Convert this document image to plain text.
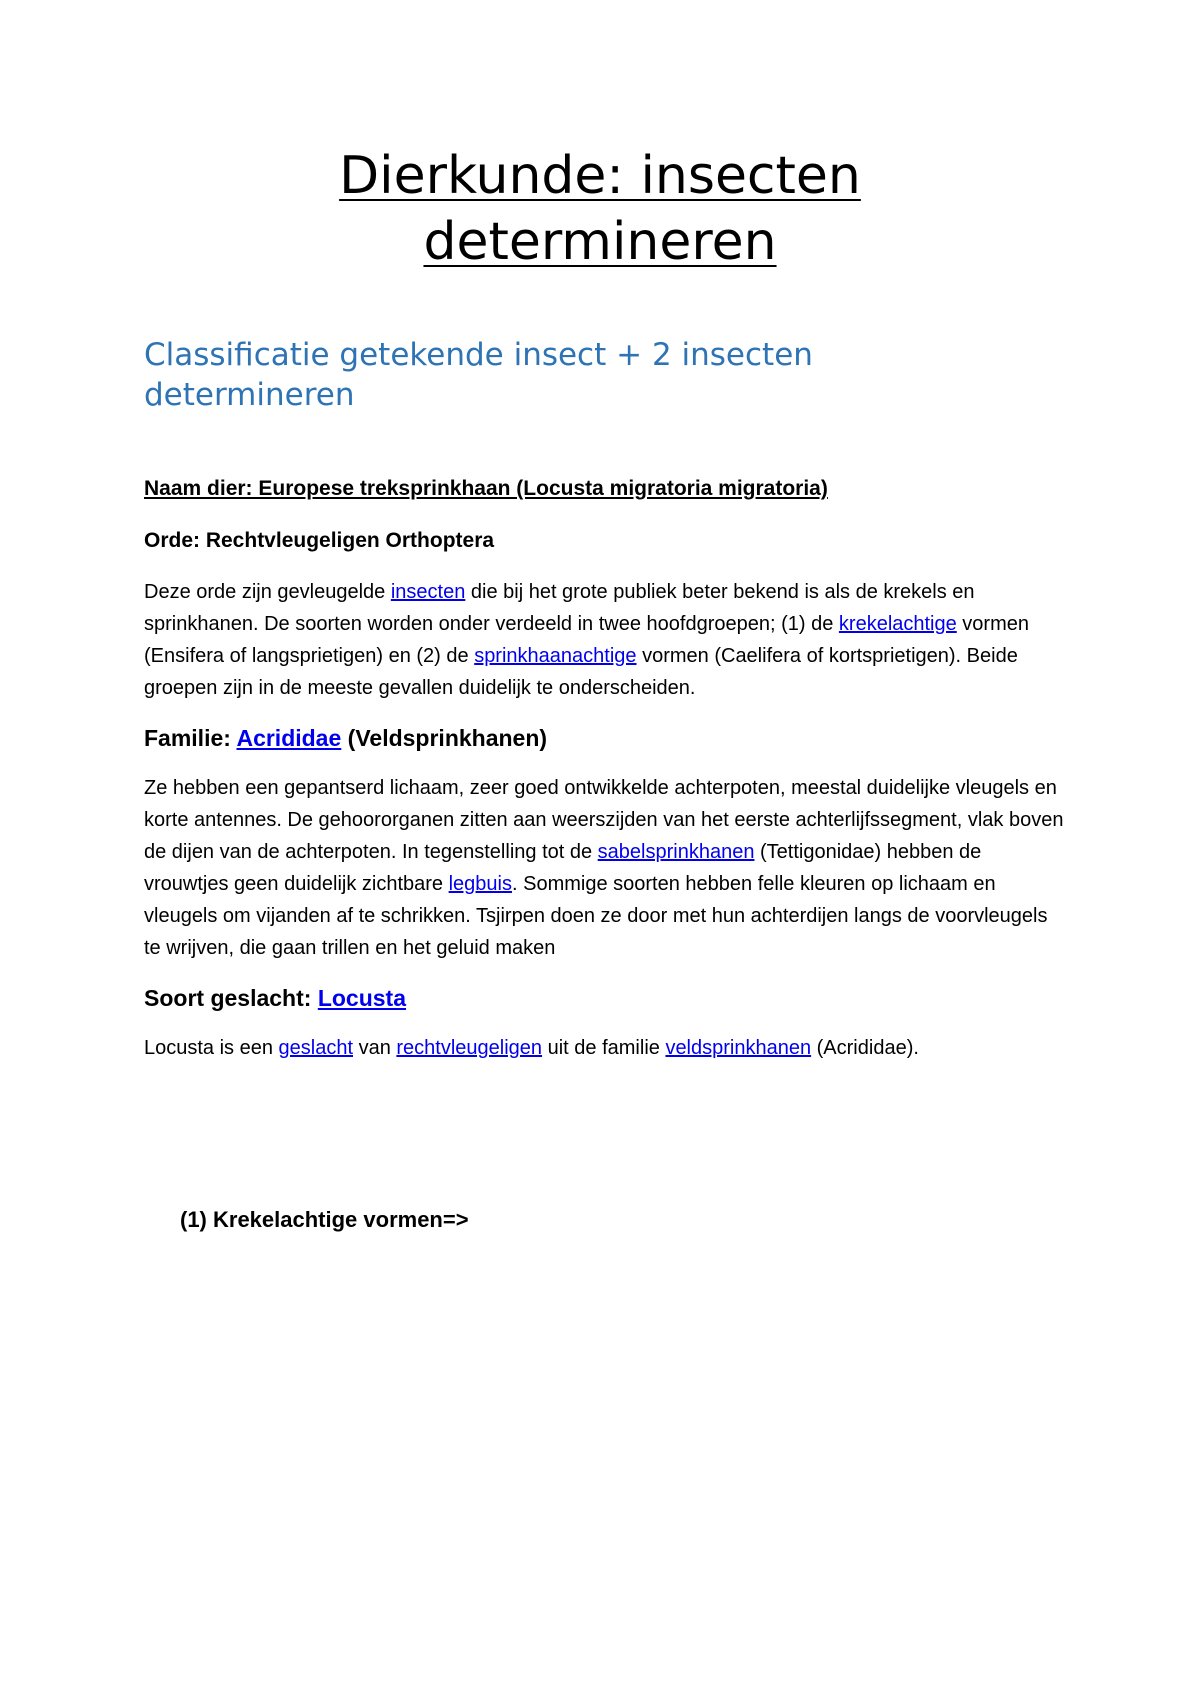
Dierkunde: insecten
determineren
Classificatie getekende insect + 2 insecten
determineren

Naam dier: Europese treksprinkhaan (Locusta migratoria migratoria)

Orde: Rechtvleugeligen Orthoptera

Deze orde zijn gevleugelde insecten die bij het grote publiek beter bekend is als de krekels en sprinkhanen. De soorten worden onder verdeeld in twee hoofdgroepen; (1) de krekelachtige vormen (Ensifera of langsprietigen) en (2) de sprinkhaanachtige vormen (Caelifera of kortsprietigen). Beide groepen zijn in de meeste gevallen duidelijk te onderscheiden.

Familie: Acrididae (Veldsprinkhanen)

Ze hebben een gepantserd lichaam, zeer goed ontwikkelde achterpoten, meestal duidelijke vleugels en korte antennes. De gehoororganen zitten aan weerszijden van het eerste achterlijfssegment, vlak boven de dijen van de achterpoten. In tegenstelling tot de sabelsprinkhanen (Tettigonidae) hebben de vrouwtjes geen duidelijk zichtbare legbuis. Sommige soorten hebben felle kleuren op lichaam en vleugels om vijanden af te schrikken. Tsjirpen doen ze door met hun achterdijen langs de voorvleugels te wrijven, die gaan trillen en het geluid maken

Soort geslacht: Locusta

Locusta is een geslacht van rechtvleugeligen uit de familie veldsprinkhanen (Acrididae).

(1) Krekelachtige vormen=>
